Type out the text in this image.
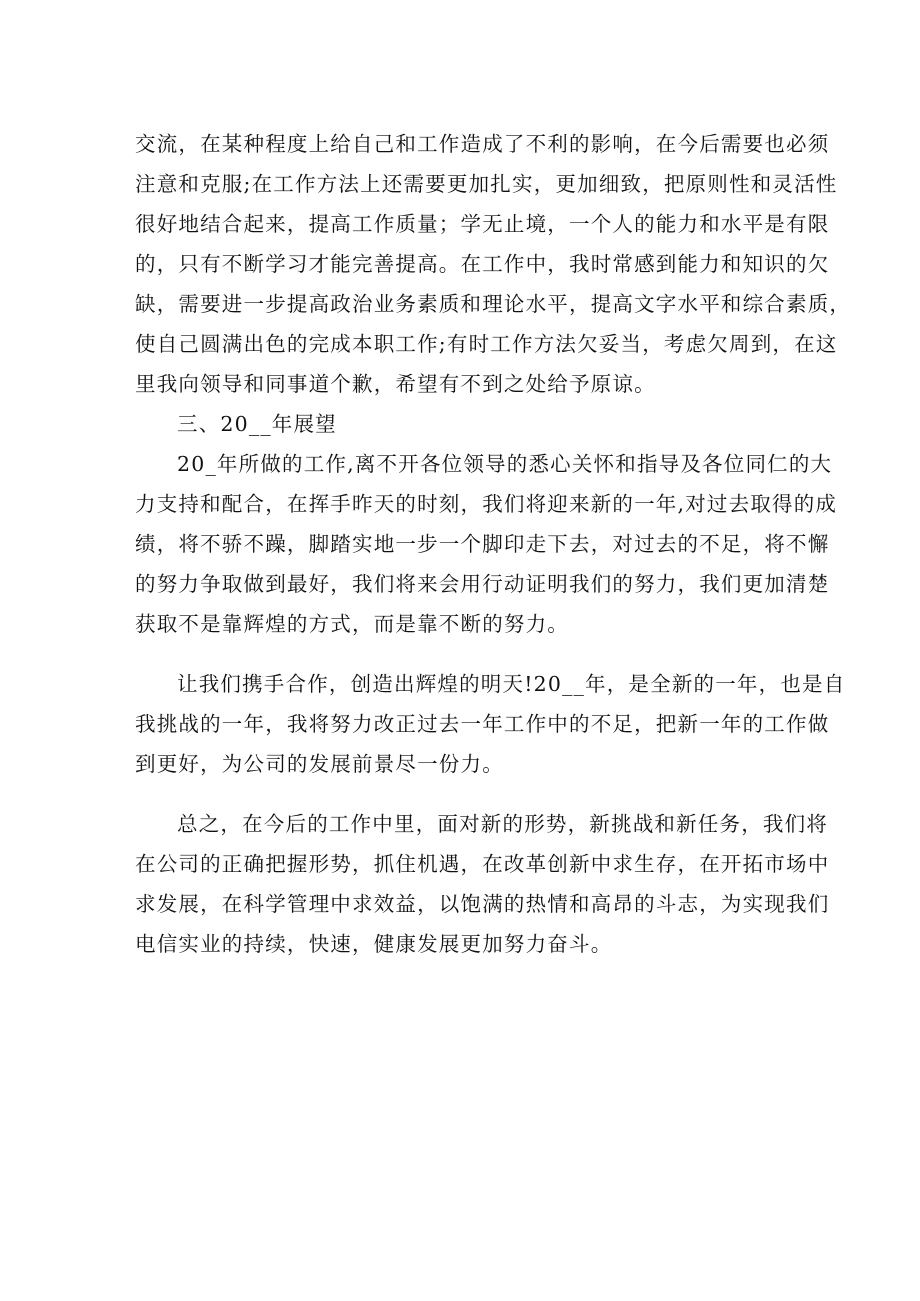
交流，在某种程度上给自己和工作造成了不利的影响，在今后需要也必须
注意和克服;在工作方法上还需要更加扎实，更加细致，把原则性和灵活性
很好地结合起来，提高工作质量；学无止境，一个人的能力和水平是有限
的，只有不断学习才能完善提高。在工作中，我时常感到能力和知识的欠
缺，需要进一步提高政治业务素质和理论水平，提高文字水平和综合素质，
使自己圆满出色的完成本职工作;有时工作方法欠妥当，考虑欠周到，在这
里我向领导和同事道个歉，希望有不到之处给予原谅。
三、20__年展望
20_年所做的工作,离不开各位领导的悉心关怀和指导及各位同仁的大
力支持和配合，在挥手昨天的时刻，我们将迎来新的一年,对过去取得的成
绩，将不骄不躁，脚踏实地一步一个脚印走下去，对过去的不足，将不懈
的努力争取做到最好，我们将来会用行动证明我们的努力，我们更加清楚
获取不是靠辉煌的方式，而是靠不断的努力。
让我们携手合作，创造出辉煌的明天!20__年，是全新的一年，也是自
我挑战的一年，我将努力改正过去一年工作中的不足，把新一年的工作做
到更好，为公司的发展前景尽一份力。
总之，在今后的工作中里，面对新的形势，新挑战和新任务，我们将
在公司的正确把握形势，抓住机遇，在改革创新中求生存，在开拓市场中
求发展，在科学管理中求效益，以饱满的热情和高昂的斗志，为实现我们
电信实业的持续，快速，健康发展更加努力奋斗。
